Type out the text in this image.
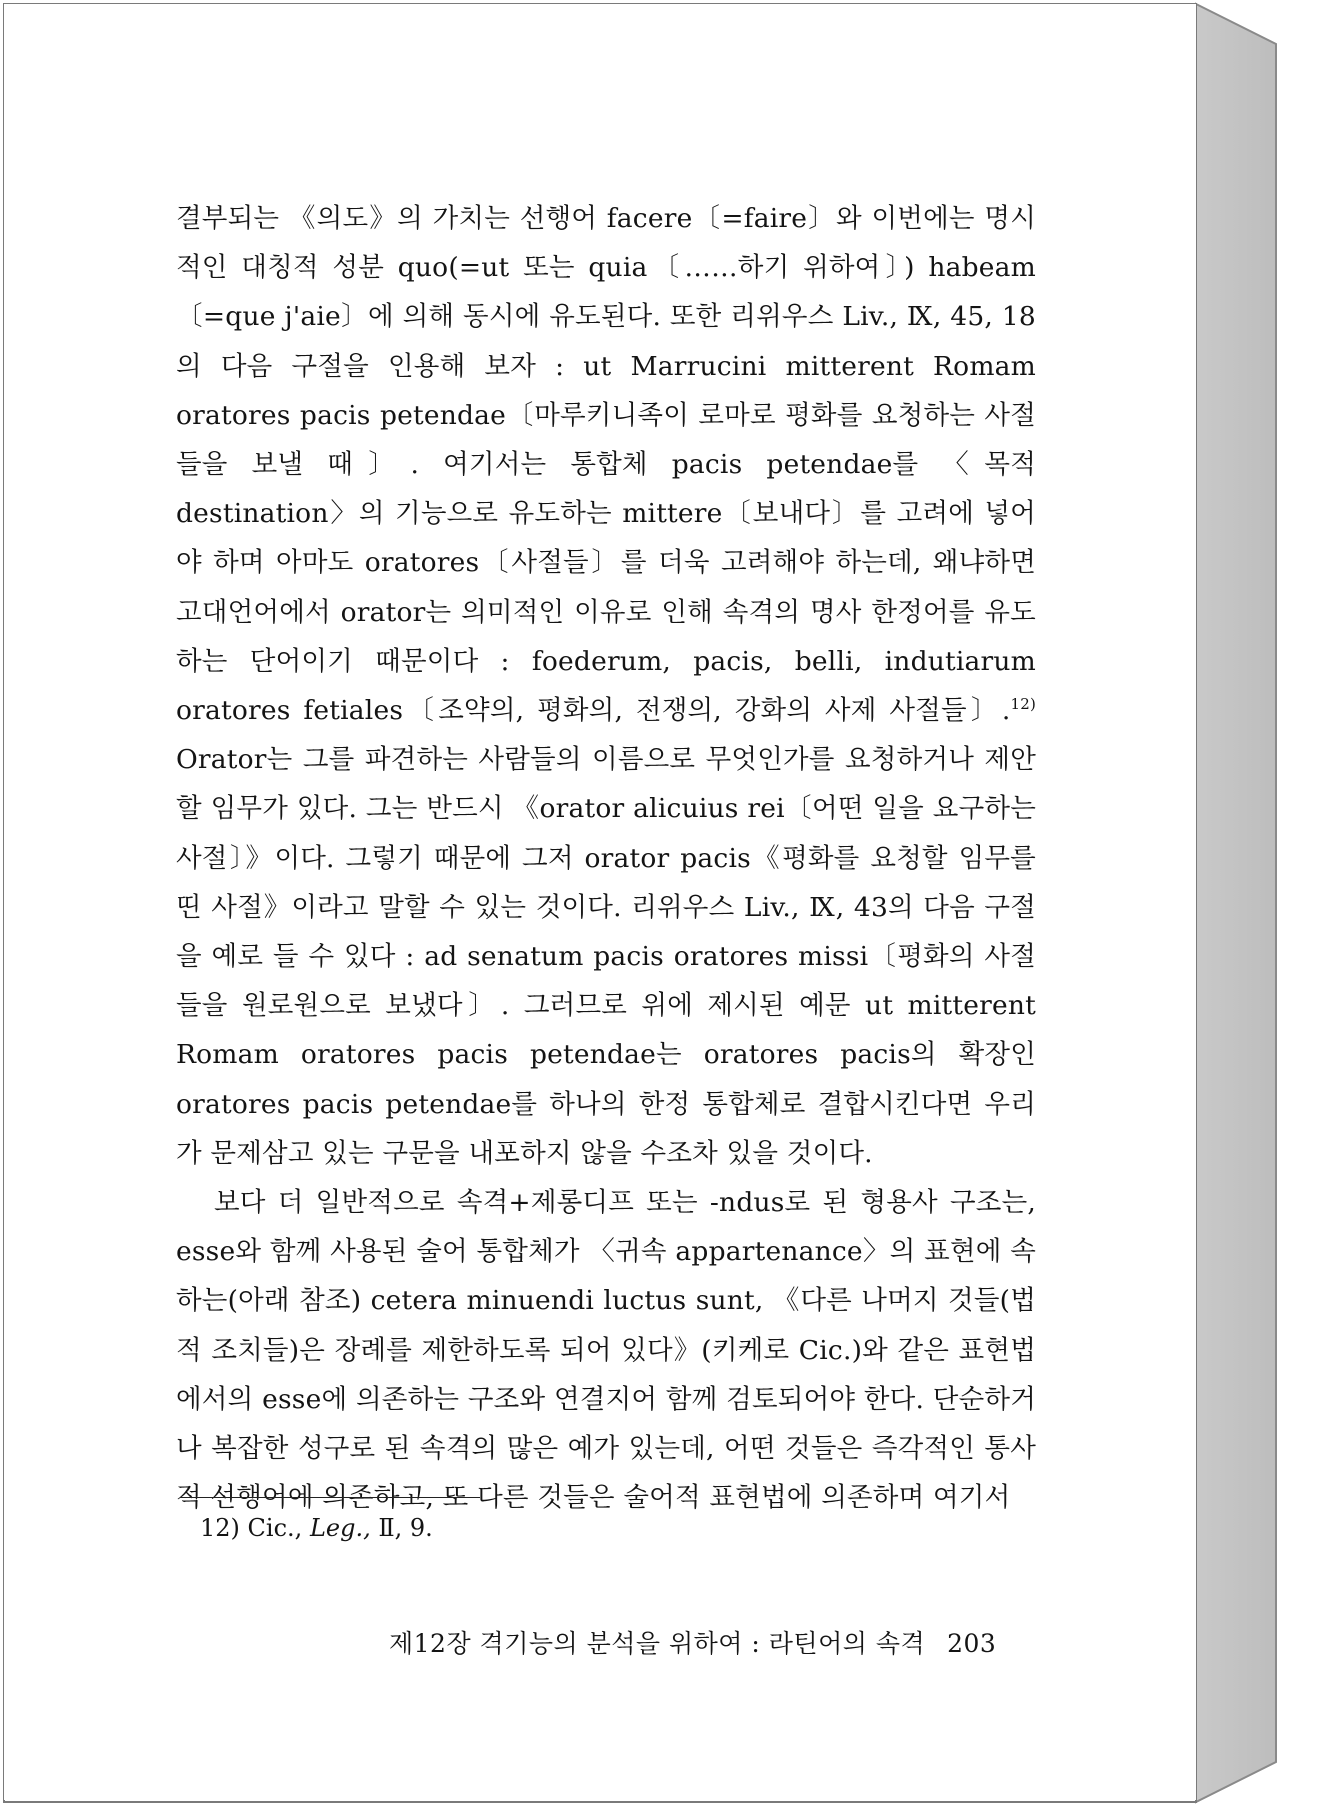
결부되는 《의도》의 가치는 선행어 facere〔=faire〕와 이번에는 명시적인 대칭적 성분 quo(=ut 또는 quia〔……하기 위하여〕) habeam〔=que j'aie〕에 의해 동시에 유도된다. 또한 리위우스 Liv., Ⅸ, 45, 18의 다음 구절을 인용해 보자 : ut Marrucini mitterent Romam oratores pacis petendae〔마루키니족이 로마로 평화를 요청하는 사절들을 보낼 때〕. 여기서는 통합체 pacis petendae를 〈목적 destination〉의 기능으로 유도하는 mittere〔보내다〕를 고려에 넣어야 하며 아마도 oratores〔사절들〕를 더욱 고려해야 하는데, 왜냐하면 고대언어에서 orator는 의미적인 이유로 인해 속격의 명사 한정어를 유도하는 단어이기 때문이다 : foederum, pacis, belli, indutiarum oratores fetiales〔조약의, 평화의, 전쟁의, 강화의 사제 사절들〕.$^{12)}$ Orator는 그를 파견하는 사람들의 이름으로 무엇인가를 요청하거나 제안할 임무가 있다. 그는 반드시 《orator alicuius rei〔어떤 일을 요구하는 사절〕》이다. 그렇기 때문에 그저 orator pacis《평화를 요청할 임무를 띤 사절》이라고 말할 수 있는 것이다. 리위우스 Liv., Ⅸ, 43의 다음 구절을 예로 들 수 있다 : ad senatum pacis oratores missi〔평화의 사절들을 원로원으로 보냈다〕. 그러므로 위에 제시된 예문 ut mitterent Romam oratores pacis petendae는 oratores pacis의 확장인 oratores pacis petendae를 하나의 한정 통합체로 결합시킨다면 우리가 문제삼고 있는 구문을 내포하지 않을 수조차 있을 것이다.

보다 더 일반적으로 속격+제롱디프 또는 -ndus로 된 형용사 구조는, esse와 함께 사용된 술어 통합체가 〈귀속 appartenance〉의 표현에 속하는(아래 참조) cetera minuendi luctus sunt, 《다른 나머지 것들(법적 조치들)은 장례를 제한하도록 되어 있다》(키케로 Cic.)와 같은 표현법에서의 esse에 의존하는 구조와 연결지어 함께 검토되어야 한다. 단순하거나 복잡한 성구로 된 속격의 많은 예가 있는데, 어떤 것들은 즉각적인 통사적 선행어에 의존하고, 또 다른 것들은 술어적 표현법에 의존하며 여기서

12) Cic., Leg., Ⅱ, 9.
제12장 격기능의 분석을 위하여 : 라틴어의 속격 203
